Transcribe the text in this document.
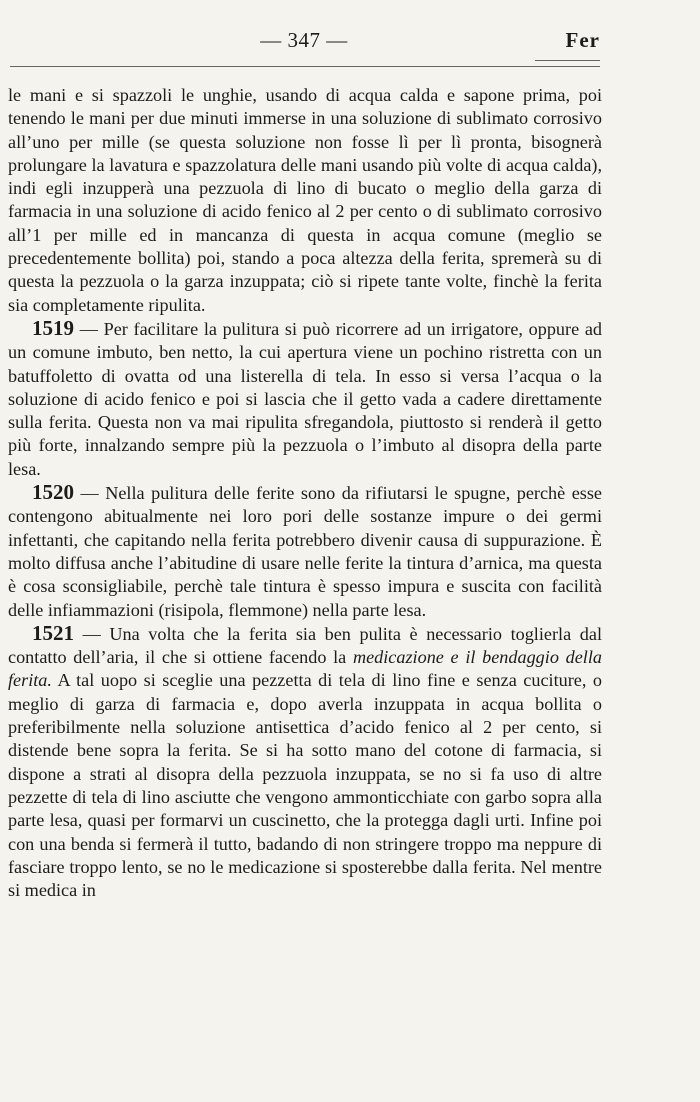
— 347 —	Fer

le mani e si spazzoli le unghie, usando di acqua calda e sapone prima, poi tenendo le mani per due minuti immerse in una soluzione di sublimato corrosivo all’uno per mille (se questa soluzione non fosse lì per lì pronta, bisognerà prolungare la lavatura e spazzolatura delle mani usando più volte di acqua calda), indi egli inzupperà una pezzuola di lino di bucato o meglio della garza di farmacia in una soluzione di acido fenico al 2 per cento o di sublimato corrosivo all’1 per mille ed in mancanza di questa in acqua comune (meglio se precedentemente bollita) poi, stando a poca altezza della ferita, spremerà su di questa la pezzuola o la garza inzuppata; ciò si ripete tante volte, finchè la ferita sia completamente ripulita.

1519 — Per facilitare la pulitura si può ricorrere ad un irrigatore, oppure ad un comune imbuto, ben netto, la cui apertura viene un pochino ristretta con un batuffoletto di ovatta od una listerella di tela. In esso si versa l’acqua o la soluzione di acido fenico e poi si lascia che il getto vada a cadere direttamente sulla ferita. Questa non va mai ripulita sfregandola, piuttosto si renderà il getto più forte, innalzando sempre più la pezzuola o l’imbuto al disopra della parte lesa.

1520 — Nella pulitura delle ferite sono da rifiutarsi le spugne, perchè esse contengono abitualmente nei loro pori delle sostanze impure o dei germi infettanti, che capitando nella ferita potrebbero divenir causa di suppurazione. È molto diffusa anche l’abitudine di usare nelle ferite la tintura d’arnica, ma questa è cosa sconsigliabile, perchè tale tintura è spesso impura e suscita con facilità delle infiammazioni (risipola, flemmone) nella parte lesa.

1521 — Una volta che la ferita sia ben pulita è necessario toglierla dal contatto dell’aria, il che si ottiene facendo la medicazione e il bendaggio della ferita. A tal uopo si sceglie una pezzetta di tela di lino fine e senza cuciture, o meglio di garza di farmacia e, dopo averla inzuppata in acqua bollita o preferibilmente nella soluzione antisettica d’acido fenico al 2 per cento, si distende bene sopra la ferita. Se si ha sotto mano del cotone di farmacia, si dispone a strati al disopra della pezzuola inzuppata, se no si fa uso di altre pezzette di tela di lino asciutte che vengono ammonticchiate con garbo sopra alla parte lesa, quasi per formarvi un cuscinetto, che la protegga dagli urti. Infine poi con una benda si fermerà il tutto, badando di non stringere troppo ma neppure di fasciare troppo lento, se no le medicazione si sposterebbe dalla ferita. Nel mentre si medica in
